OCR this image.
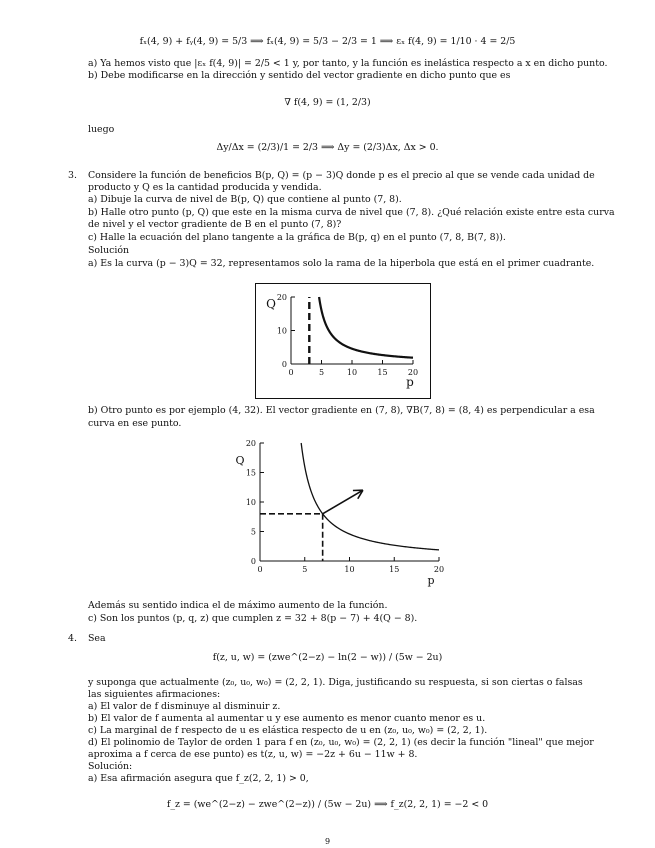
fₓ(4, 9) + fᵧ(4, 9) = 5/3 ⟹ fₓ(4, 9) = 5/3 − 2/3 = 1 ⟹ εₓ f(4, 9) = 1/10 · 4 = 2/5
a) Ya hemos visto que |εₓ f(4, 9)| = 2/5 < 1 y, por tanto, y la función es inelástica respecto a x en dicho punto.
b) Debe modificarse en la dirección y sentido del vector gradiente en dicho punto que es
∇ f(4, 9) = (1, 2/3)
luego
Δy/Δx = (2/3)/1 = 2/3 ⟹ Δy = (2/3)Δx, Δx > 0.
3. Considere la función de beneficios B(p, Q) = (p − 3)Q donde p es el precio al que se vende cada unidad de
producto y Q es la cantidad producida y vendida.
a) Dibuje la curva de nivel de B(p, Q) que contiene al punto (7, 8).
b) Halle otro punto (p, Q) que este en la misma curva de nivel que (7, 8). ¿Qué relación existe entre esta curva
de nivel y el vector gradiente de B en el punto (7, 8)?
c) Halle la ecuación del plano tangente a la gráfica de B(p, q) en el punto (7, 8, B(7, 8)).
Solución
a) Es la curva (p − 3)Q = 32, representamos solo la rama de la hiperbola que está en el primer cuadrante.
0	5	10	15	20
0
10
20
p
Q
b) Otro punto es por ejemplo (4, 32). El vector gradiente en (7, 8), ∇B(7, 8) = (8, 4) es perpendicular a esa
curva en ese punto.
0	5	10	15	20
0
5
10
15
20
p
Q
Además su sentido indica el de máximo aumento de la función.
c) Son los puntos (p, q, z) que cumplen z = 32 + 8(p − 7) + 4(Q − 8).
4. Sea
f(z, u, w) = (zwe^(2−z) − ln(2 − w)) / (5w − 2u)
y suponga que actualmente (z₀, u₀, w₀) = (2, 2, 1). Diga, justificando su respuesta, si son ciertas o falsas
las siguientes afirmaciones:
a) El valor de f disminuye al disminuir z.
b) El valor de f aumenta al aumentar u y ese aumento es menor cuanto menor es u.
c) La marginal de f respecto de u es elástica respecto de u en (z₀, u₀, w₀) = (2, 2, 1).
d) El polinomio de Taylor de orden 1 para f en (z₀, u₀, w₀) = (2, 2, 1) (es decir la función "lineal" que mejor
aproxima a f cerca de ese punto) es t(z, u, w) = −2z + 6u − 11w + 8.
Solución:
a) Esa afirmación asegura que f_z(2, 2, 1) > 0,
f_z = (we^(2−z) − zwe^(2−z)) / (5w − 2u) ⟹ f_z(2, 2, 1) = −2 < 0
9
